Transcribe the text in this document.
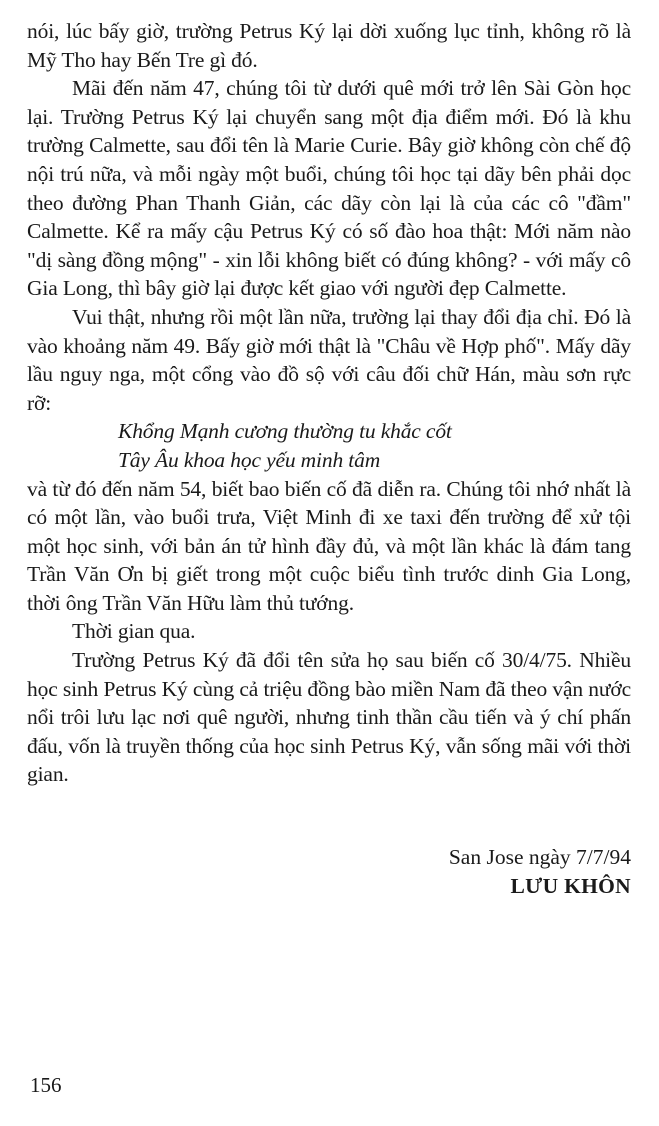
nói, lúc bấy giờ, trường Petrus Ký lại dời xuống lục tỉnh, không rõ là Mỹ Tho hay Bến Tre gì đó.

Mãi đến năm 47, chúng tôi từ dưới quê mới trở lên Sài Gòn học lại. Trường Petrus Ký lại chuyển sang một địa điểm mới. Đó là khu trường Calmette, sau đổi tên là Marie Curie. Bây giờ không còn chế độ nội trú nữa, và mỗi ngày một buổi, chúng tôi học tại dãy bên phải dọc theo đường Phan Thanh Giản, các dãy còn lại là của các cô "đầm" Calmette. Kể ra mấy cậu Petrus Ký có số đào hoa thật: Mới năm nào "dị sàng đồng mộng" - xin lỗi không biết có đúng không? - với mấy cô Gia Long, thì bây giờ lại được kết giao với người đẹp Calmette.

Vui thật, nhưng rồi một lần nữa, trường lại thay đổi địa chỉ. Đó là vào khoảng năm 49. Bấy giờ mới thật là "Châu về Hợp phố". Mấy dãy lầu nguy nga, một cổng vào đồ sộ với câu đối chữ Hán, màu sơn rực rỡ:

Khổng Mạnh cương thường tu khắc cốt

Tây Âu khoa học yếu minh tâm

và từ đó đến năm 54, biết bao biến cố đã diễn ra. Chúng tôi nhớ nhất là có một lần, vào buổi trưa, Việt Minh đi xe taxi đến trường để xử tội một học sinh, với bản án tử hình đầy đủ, và một lần khác là đám tang Trần Văn Ơn bị giết trong một cuộc biểu tình trước dinh Gia Long, thời ông Trần Văn Hữu làm thủ tướng.

Thời gian qua.

Trường Petrus Ký đã đổi tên sửa họ sau biến cố 30/4/75. Nhiều học sinh Petrus Ký cùng cả triệu đồng bào miền Nam đã theo vận nước nổi trôi lưu lạc nơi quê người, nhưng tinh thần cầu tiến và ý chí phấn đấu, vốn là truyền thống của học sinh Petrus Ký, vẫn sống mãi với thời gian.

San Jose ngày 7/7/94
LƯU KHÔN
156
